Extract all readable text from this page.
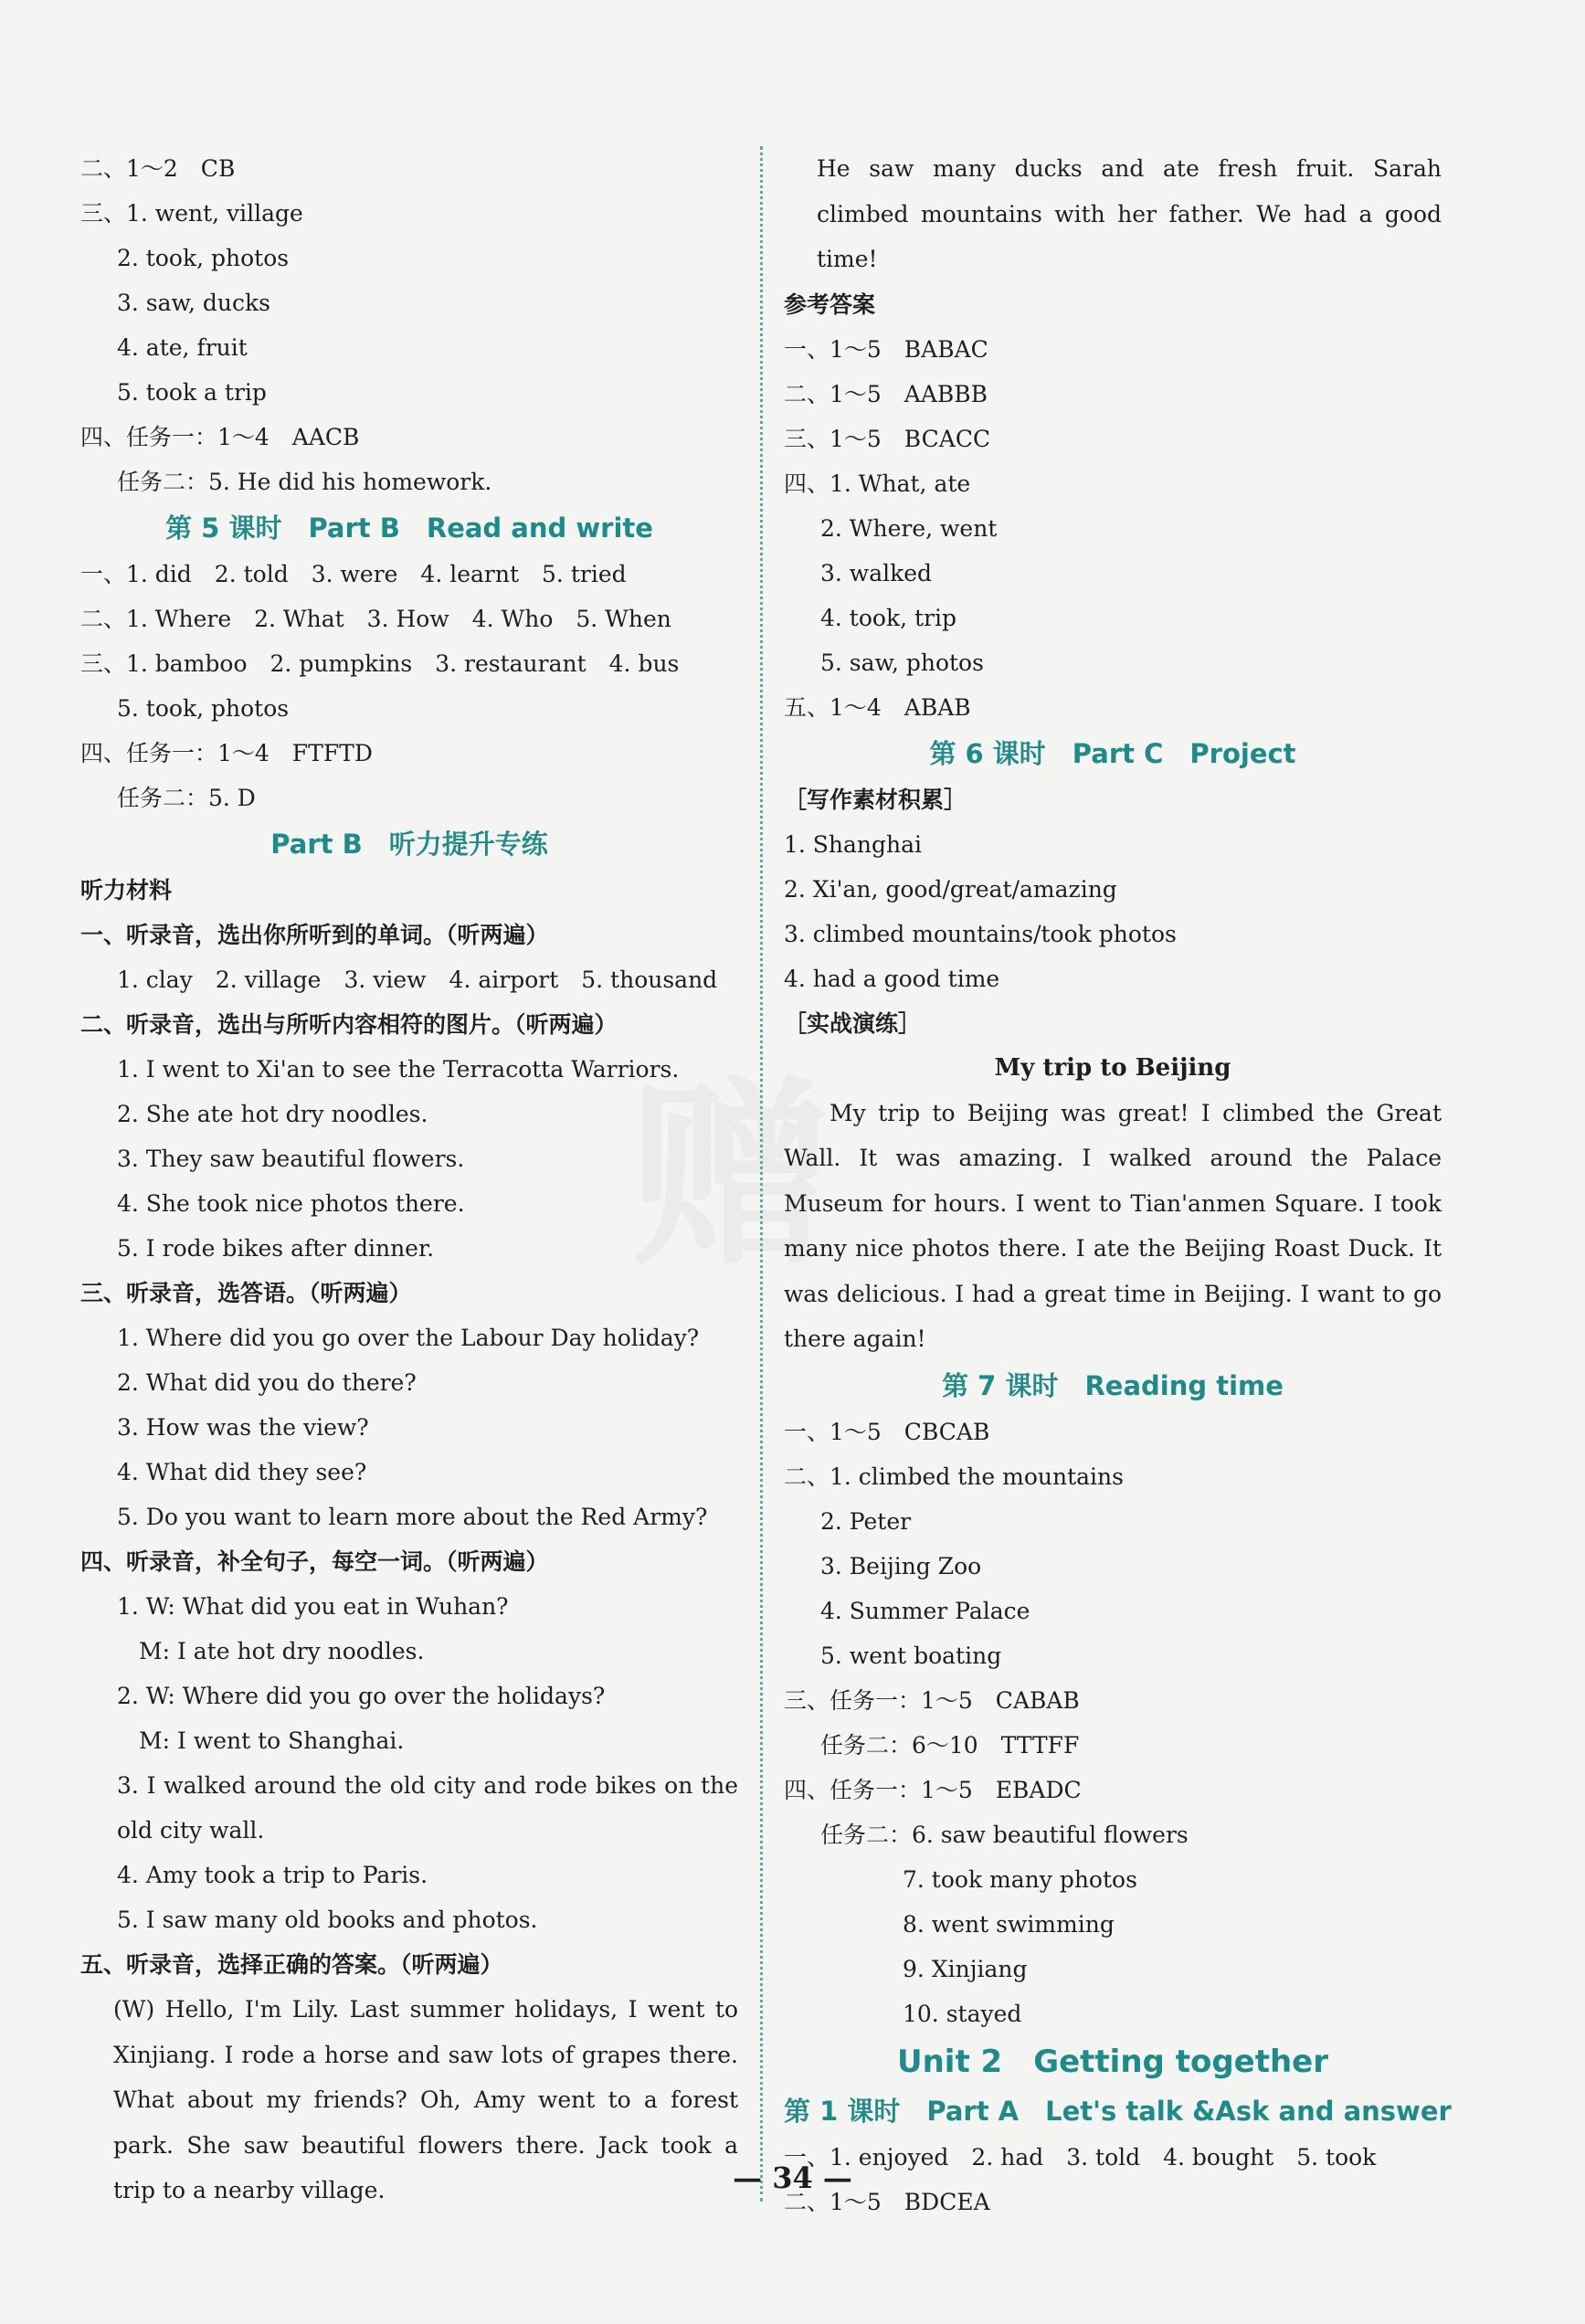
赠
二、1～2　CB
三、1. went, village
2. took, photos
3. saw, ducks
4. ate, fruit
5. took a trip
四、任务一：1～4　AACB
任务二：5. He did his homework.
第 5 课时　Part B　Read and write
一、1. did　2. told　3. were　4. learnt　5. tried
二、1. Where　2. What　3. How　4. Who　5. When
三、1. bamboo　2. pumpkins　3. restaurant　4. bus
5. took, photos
四、任务一：1～4　FTFTD
任务二：5. D
Part B　听力提升专练
听力材料
一、听录音，选出你所听到的单词。（听两遍）
1. clay　2. village　3. view　4. airport　5. thousand
二、听录音，选出与所听内容相符的图片。（听两遍）
1. I went to Xi'an to see the Terracotta Warriors.
2. She ate hot dry noodles.
3. They saw beautiful flowers.
4. She took nice photos there.
5. I rode bikes after dinner.
三、听录音，选答语。（听两遍）
1. Where did you go over the Labour Day holiday?
2. What did you do there?
3. How was the view?
4. What did they see?
5. Do you want to learn more about the Red Army?
四、听录音，补全句子，每空一词。（听两遍）
1. W: What did you eat in Wuhan?
M: I ate hot dry noodles.
2. W: Where did you go over the holidays?
M: I went to Shanghai.
3. I walked around the old city and rode bikes on the old city wall.
4. Amy took a trip to Paris.
5. I saw many old books and photos.
五、听录音，选择正确的答案。（听两遍）
(W) Hello, I'm Lily. Last summer holidays, I went to Xinjiang. I rode a horse and saw lots of grapes there. What about my friends? Oh, Amy went to a forest park. She saw beautiful flowers there. Jack took a trip to a nearby village.
He saw many ducks and ate fresh fruit. Sarah climbed mountains with her father. We had a good time!
参考答案
一、1～5　BABAC
二、1～5　AABBB
三、1～5　BCACC
四、1. What, ate
2. Where, went
3. walked
4. took, trip
5. saw, photos
五、1～4　ABAB
第 6 课时　Part C　Project
［写作素材积累］
1. Shanghai
2. Xi'an, good/great/amazing
3. climbed mountains/took photos
4. had a good time
［实战演练］
My trip to Beijing
My trip to Beijing was great! I climbed the Great Wall. It was amazing. I walked around the Palace Museum for hours. I went to Tian'anmen Square. I took many nice photos there. I ate the Beijing Roast Duck. It was delicious. I had a great time in Beijing. I want to go there again!
第 7 课时　Reading time
一、1～5　CBCAB
二、1. climbed the mountains
2. Peter
3. Beijing Zoo
4. Summer Palace
5. went boating
三、任务一：1～5　CABAB
任务二：6～10　TTTFF
四、任务一：1～5　EBADC
任务二：6. saw beautiful flowers
7. took many photos
8. went swimming
9. Xinjiang
10. stayed
Unit 2　Getting together
第 1 课时　Part A　Let's talk &Ask and answer
一、1. enjoyed　2. had　3. told　4. bought　5. took
二、1～5　BDCEA
— 34 —
